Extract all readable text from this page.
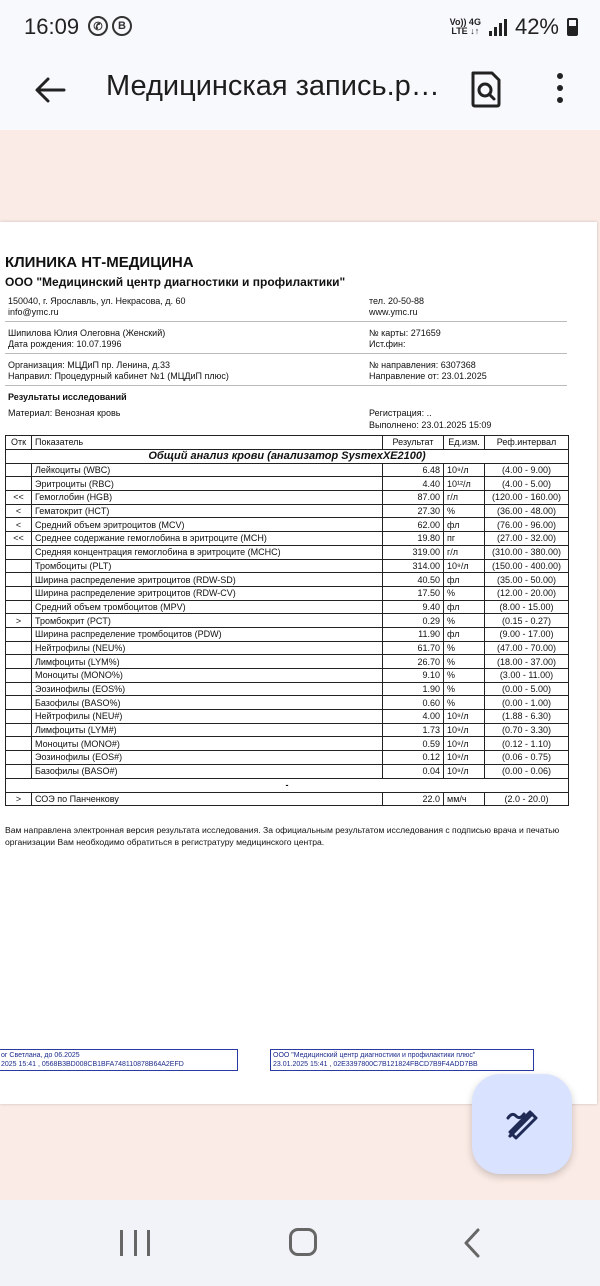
16:09	✆	B	Vo)) 4G
LTE ↓↑ 42%
Медицинская запись.р…
КЛИНИКА НТ-МЕДИЦИНА
ООО "Медицинский центр диагностики и профилактики"
150040, г. Ярославль, ул. Некрасова, д. 60
info@ymc.ru
тел. 20-50-88
www.ymc.ru
Шипилова Юлия Олеговна (Женский)
Дата рождения: 10.07.1996
№ карты: 271659
Ист.фин:
Организация: МЦДиП пр. Ленина, д.33
Направил: Процедурный кабинет №1 (МЦДиП плюс)
№ направления: 6307368
Направление от: 23.01.2025
Результаты исследований
Материал: Венозная кровь	Регистрация: ..
Выполнено: 23.01.2025 15:09
Отк	Показатель	Результат	Ед.изм.	Реф.интервал
Общий анализ крови (анализатор SysmexXE2100)				
	Лейкоциты (WBC)	6.48	10⁹/л	(4.00 - 9.00)
	Эритроциты (RBC)	4.40	10¹²/л	(4.00 - 5.00)
<<	Гемоглобин (HGB)	87.00	г/л	(120.00 - 160.00)
<	Гематокрит (HCT)	27.30	%	(36.00 - 48.00)
<	Средний объем эритроцитов (MCV)	62.00	фл	(76.00 - 96.00)
<<	Среднее содержание гемоглобина в эритроците (MCH)	19.80	пг	(27.00 - 32.00)
	Средняя концентрация гемоглобина в эритроците (MCHC)	319.00	г/л	(310.00 - 380.00)
	Тромбоциты (PLT)	314.00	10⁹/л	(150.00 - 400.00)
	Ширина распределение эритроцитов (RDW-SD)	40.50	фл	(35.00 - 50.00)
	Ширина распределение эритроцитов (RDW-CV)	17.50	%	(12.00 - 20.00)
	Средний объем тромбоцитов (MPV)	9.40	фл	(8.00 - 15.00)
>	Тромбокрит (PCT)	0.29	%	(0.15 - 0.27)
	Ширина распределение тромбоцитов (PDW)	11.90	фл	(9.00 - 17.00)
	Нейтрофилы (NEU%)	61.70	%	(47.00 - 70.00)
	Лимфоциты (LYM%)	26.70	%	(18.00 - 37.00)
	Моноциты (MONO%)	9.10	%	(3.00 - 11.00)
	Эозинофилы (EOS%)	1.90	%	(0.00 - 5.00)
	Базофилы (BASO%)	0.60	%	(0.00 - 1.00)
	Нейтрофилы (NEU#)	4.00	10⁹/л	(1.88 - 6.30)
	Лимфоциты (LYM#)	1.73	10⁹/л	(0.70 - 3.30)
	Моноциты (MONO#)	0.59	10⁹/л	(0.12 - 1.10)
	Эозинофилы (EOS#)	0.12	10⁹/л	(0.06 - 0.75)
	Базофилы (BASO#)	0.04	10⁹/л	(0.00 - 0.06)
-				
>	СОЭ по Панченкову	22.0	мм/ч	(2.0 - 20.0)
Вам направлена электронная версия результата исследования. За официальным результатом исследования с подписью врача и печатью организации Вам необходимо обратиться в регистратуру медицинского центра.
ог Светлана, до 06.2025
2025 15:41 , 0568B3BD008CB1BFA748110878B64A2EFD
ООО "Медицинский центр диагностики и профилактики плюс"
23.01.2025 15:41 , 02E3397800C7B121824FBCD7B9F4ADD7BB
